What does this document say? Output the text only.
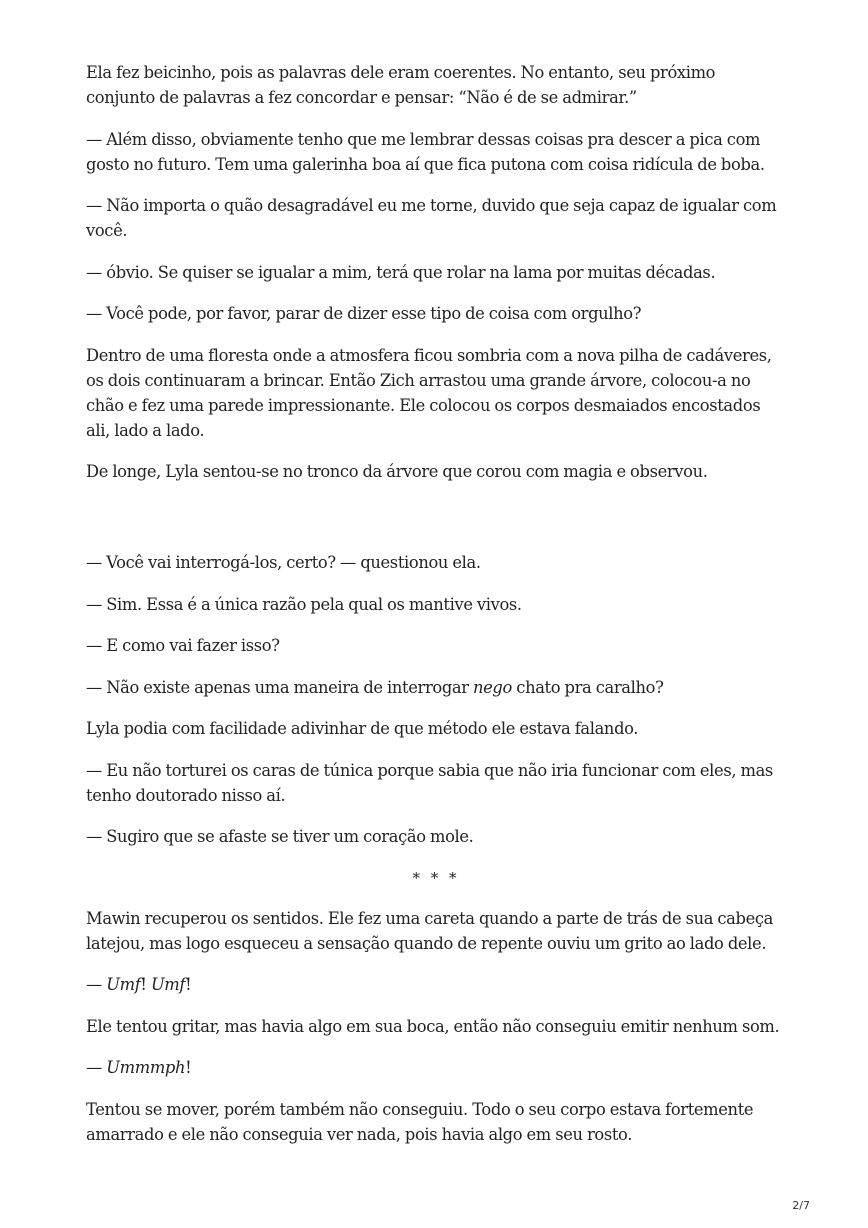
Ela fez beicinho, pois as palavras dele eram coerentes. No entanto, seu próximo conjunto de palavras a fez concordar e pensar: “Não é de se admirar.”

— Além disso, obviamente tenho que me lembrar dessas coisas pra descer a pica com gosto no futuro. Tem uma galerinha boa aí que fica putona com coisa ridícula de boba.

— Não importa o quão desagradável eu me torne, duvido que seja capaz de igualar com você.

— óbvio. Se quiser se igualar a mim, terá que rolar na lama por muitas décadas.

— Você pode, por favor, parar de dizer esse tipo de coisa com orgulho?

Dentro de uma floresta onde a atmosfera ficou sombria com a nova pilha de cadáveres, os dois continuaram a brincar. Então Zich arrastou uma grande árvore, colocou-a no chão e fez uma parede impressionante. Ele colocou os corpos desmaiados encostados ali, lado a lado.

De longe, Lyla sentou-se no tronco da árvore que corou com magia e observou.

— Você vai interrogá-los, certo? — questionou ela.

— Sim. Essa é a única razão pela qual os mantive vivos.

— E como vai fazer isso?

— Não existe apenas uma maneira de interrogar nego chato pra caralho?

Lyla podia com facilidade adivinhar de que método ele estava falando.

— Eu não torturei os caras de túnica porque sabia que não iria funcionar com eles, mas tenho doutorado nisso aí.

— Sugiro que se afaste se tiver um coração mole.

* * *

Mawin recuperou os sentidos. Ele fez uma careta quando a parte de trás de sua cabeça latejou, mas logo esqueceu a sensação quando de repente ouviu um grito ao lado dele.

— Umf! Umf!

Ele tentou gritar, mas havia algo em sua boca, então não conseguiu emitir nenhum som.

— Ummmph!

Tentou se mover, porém também não conseguiu. Todo o seu corpo estava fortemente amarrado e ele não conseguia ver nada, pois havia algo em seu rosto.

2/7
